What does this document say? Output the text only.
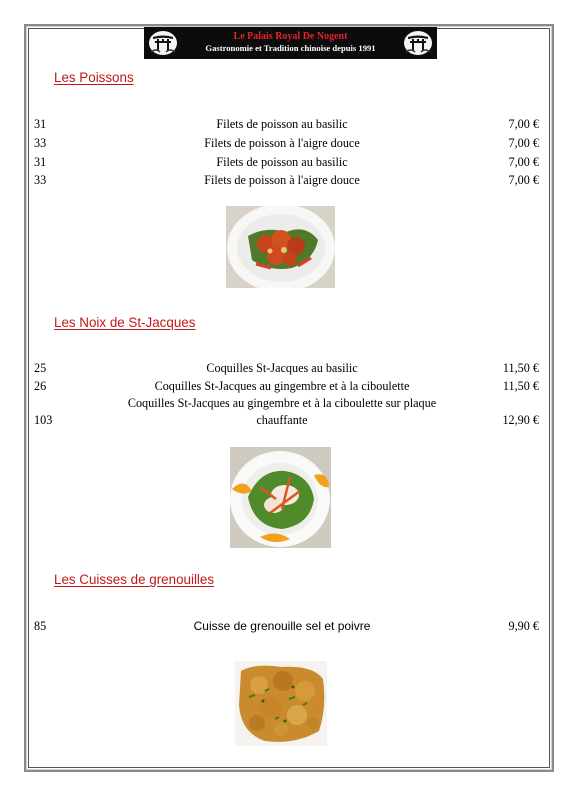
Le Palais Royal De Nogent
Gastronomie et Tradition chinoise depuis 1991
Les Poissons
31	Filets de poisson au basilic	7,00 €
33	Filets de poisson à l'aigre douce	7,00 €
31	Filets de poisson au basilic	7,00 €
33	Filets de poisson à l'aigre douce	7,00 €
Les Noix de St-Jacques
25	Coquilles St-Jacques au basilic	11,50 €
26	Coquilles St-Jacques au gingembre et à la ciboulette	11,50 €
Coquilles St-Jacques au gingembre et à la ciboulette sur plaque
103	chauffante	12,90 €
Les Cuisses de grenouilles
85	Cuisse de grenouille sel et poivre	9,90 €
